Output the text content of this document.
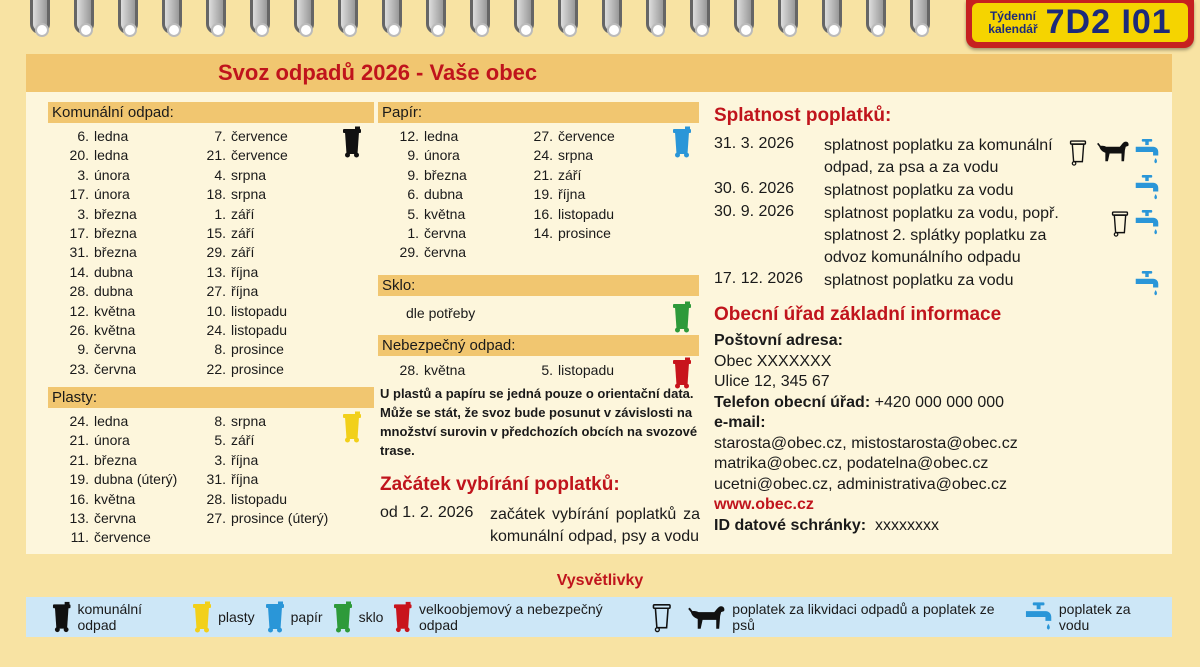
Týdenní
kalendář 7D2 I01
Svoz odpadů 2026 - Vaše obec
Komunální odpad:
6. ledna
20. ledna
3. února
17. února
3. března
17. března
31. března
14. dubna
28. dubna
12. května
26. května
9. června
23. června
7. července
21. července
4. srpna
18. srpna
1. září
15. září
29. září
13. října
27. října
10. listopadu
24. listopadu
8. prosince
22. prosince
Plasty:
24. ledna
21. února
21. března
19. dubna (úterý)
16. května
13. června
11. července
8. srpna
5. září
3. října
31. října
28. listopadu
27. prosince (úterý)
Papír:
12. ledna
9. února
9. března
6. dubna
5. května
1. června
29. června
27. července
24. srpna
21. září
19. října
16. listopadu
14. prosince
Sklo:
dle potřeby
Nebezpečný odpad:
28. května	5. listopadu
U plastů a papíru se jedná pouze o orientační data. Může se stát, že svoz bude posunut v závislosti na množství surovin v předchozích obcích na svozové trase.
Začátek vybírání poplatků:
od 1. 2. 2026	začátek vybírání poplatků za komunální odpad, psy a vodu
Splatnost poplatků:
31. 3. 2026	splatnost poplatku za komunální odpad, za psa a za vodu
30. 6. 2026	splatnost poplatku za vodu
30. 9. 2026	splatnost poplatku za vodu, popř. splatnost 2. splátky poplatku za odvoz komunálního odpadu
17. 12. 2026	splatnost poplatku za vodu
Obecní úřad základní informace
Poštovní adresa:
Obec XXXXXXX
Ulice 12, 345 67
Telefon obecní úřad: +420 000 000 000
e-mail:
starosta@obec.cz, mistostarosta@obec.cz
matrika@obec.cz, podatelna@obec.cz
ucetni@obec.cz, administrativa@obec.cz
www.obec.cz
ID datové schránky: xxxxxxxx
Vysvětlivky
komunální odpad	plasty	papír	sklo	velkoobjemový a nebezpečný odpad
poplatek za likvidaci odpadů a poplatek ze psů
poplatek za vodu
